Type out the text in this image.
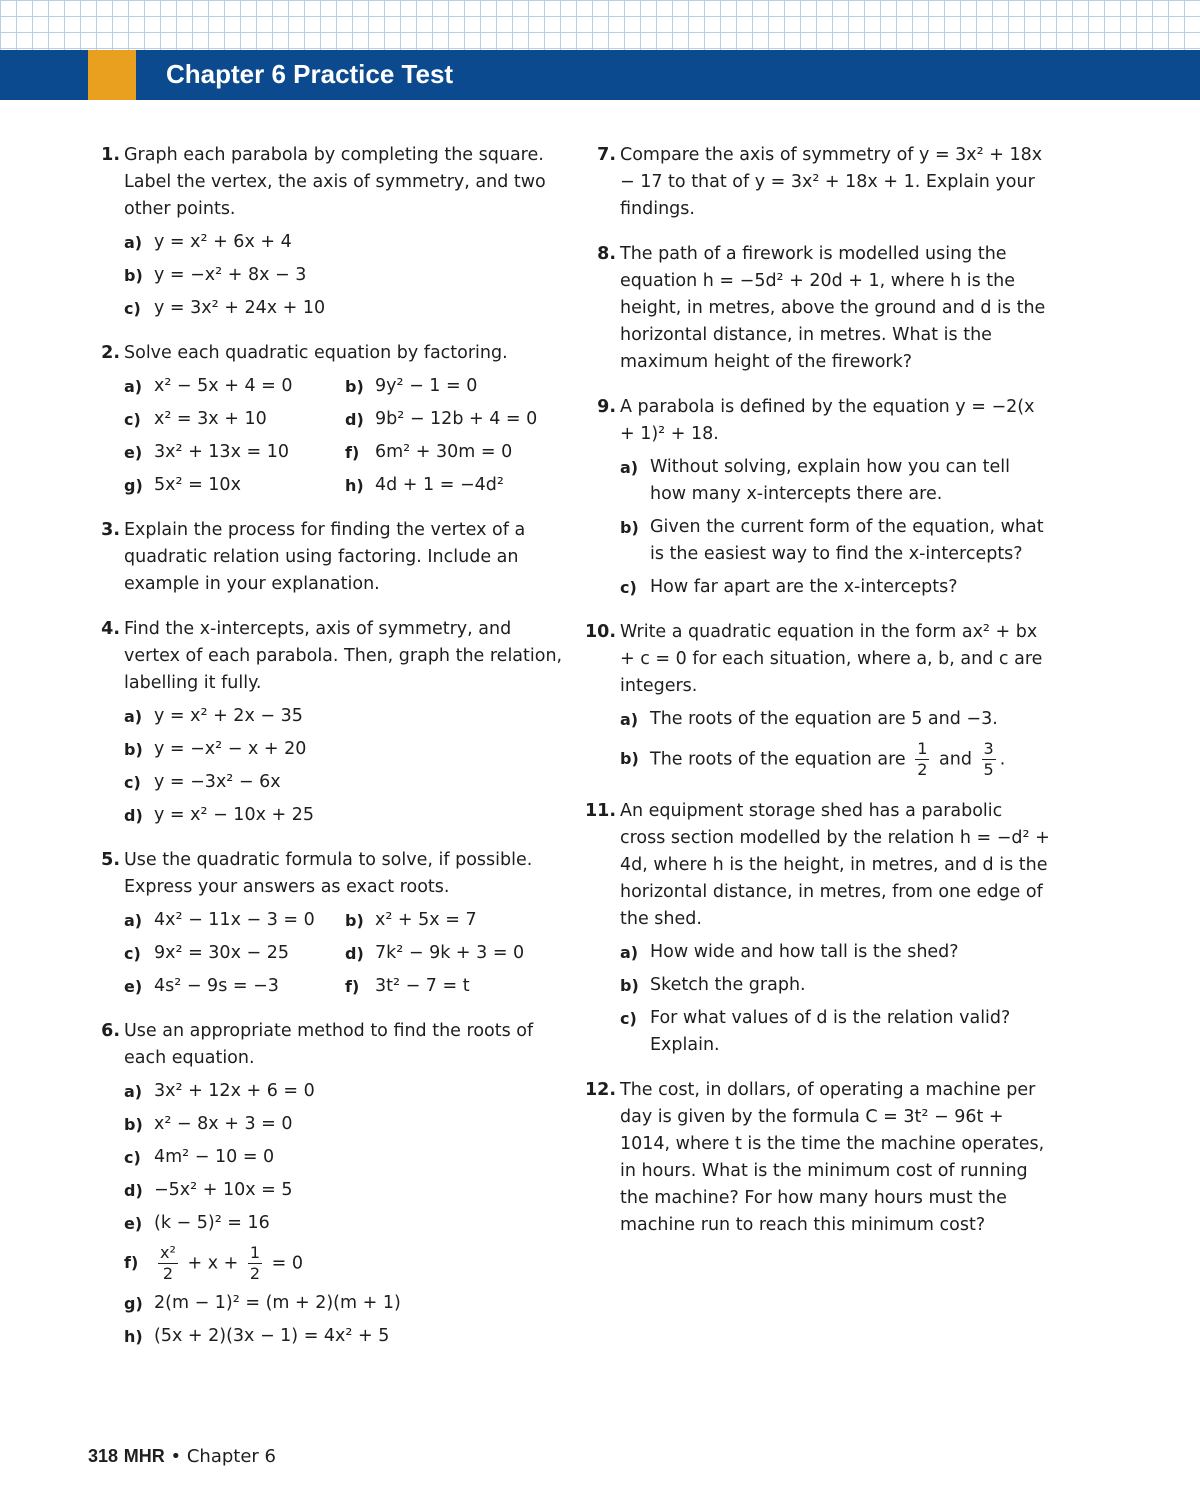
Chapter 6 Practice Test
1. Graph each parabola by completing the square. Label the vertex, the axis of symmetry, and two other points.
a) y = x² + 6x + 4
b) y = −x² + 8x − 3
c) y = 3x² + 24x + 10
2. Solve each quadratic equation by factoring.
a) x² − 5x + 4 = 0	b) 9y² − 1 = 0
c) x² = 3x + 10	d) 9b² − 12b + 4 = 0
e) 3x² + 13x = 10	f) 6m² + 30m = 0
g) 5x² = 10x	h) 4d + 1 = −4d²
3. Explain the process for finding the vertex of a quadratic relation using factoring. Include an example in your explanation.
4. Find the x-intercepts, axis of symmetry, and vertex of each parabola. Then, graph the relation, labelling it fully.
a) y = x² + 2x − 35
b) y = −x² − x + 20
c) y = −3x² − 6x
d) y = x² − 10x + 25
5. Use the quadratic formula to solve, if possible. Express your answers as exact roots.
a) 4x² − 11x − 3 = 0	b) x² + 5x = 7
c) 9x² = 30x − 25	d) 7k² − 9k + 3 = 0
e) 4s² − 9s = −3	f) 3t² − 7 = t
6. Use an appropriate method to find the roots of each equation.
a) 3x² + 12x + 6 = 0
b) x² − 8x + 3 = 0
c) 4m² − 10 = 0
d) −5x² + 10x = 5
e) (k − 5)² = 16
$f) \frac{\text{x²}}{2} + x + \frac{1}{2} = 0$
g) 2(m − 1)² = (m + 2)(m + 1)
h) (5x + 2)(3x − 1) = 4x² + 5
7. Compare the axis of symmetry of y = 3x² + 18x − 17 to that of y = 3x² + 18x + 1. Explain your findings.
8. The path of a firework is modelled using the equation h = −5d² + 20d + 1, where h is the height, in metres, above the ground and d is the horizontal distance, in metres. What is the maximum height of the firework?
9. A parabola is defined by the equation y = −2(x + 1)² + 18.
a) Without solving, explain how you can tell how many x-intercepts there are.
b) Given the current form of the equation, what is the easiest way to find the x-intercepts?
c) How far apart are the x-intercepts?
10. Write a quadratic equation in the form ax² + bx + c = 0 for each situation, where a, b, and c are integers.
a) The roots of the equation are 5 and −3.
b) The roots of the equation are $\frac{1}{2}$ and $\frac{3}{5}$ .
11. An equipment storage shed has a parabolic cross section modelled by the relation h = −d² + 4d, where h is the height, in metres, and d is the horizontal distance, in metres, from one edge of the shed.
a) How wide and how tall is the shed?
b) Sketch the graph.
c) For what values of d is the relation valid? Explain.
12. The cost, in dollars, of operating a machine per day is given by the formula C = 3t² − 96t + 1014, where t is the time the machine operates, in hours. What is the minimum cost of running the machine? For how many hours must the machine run to reach this minimum cost?
318 MHR • Chapter 6
